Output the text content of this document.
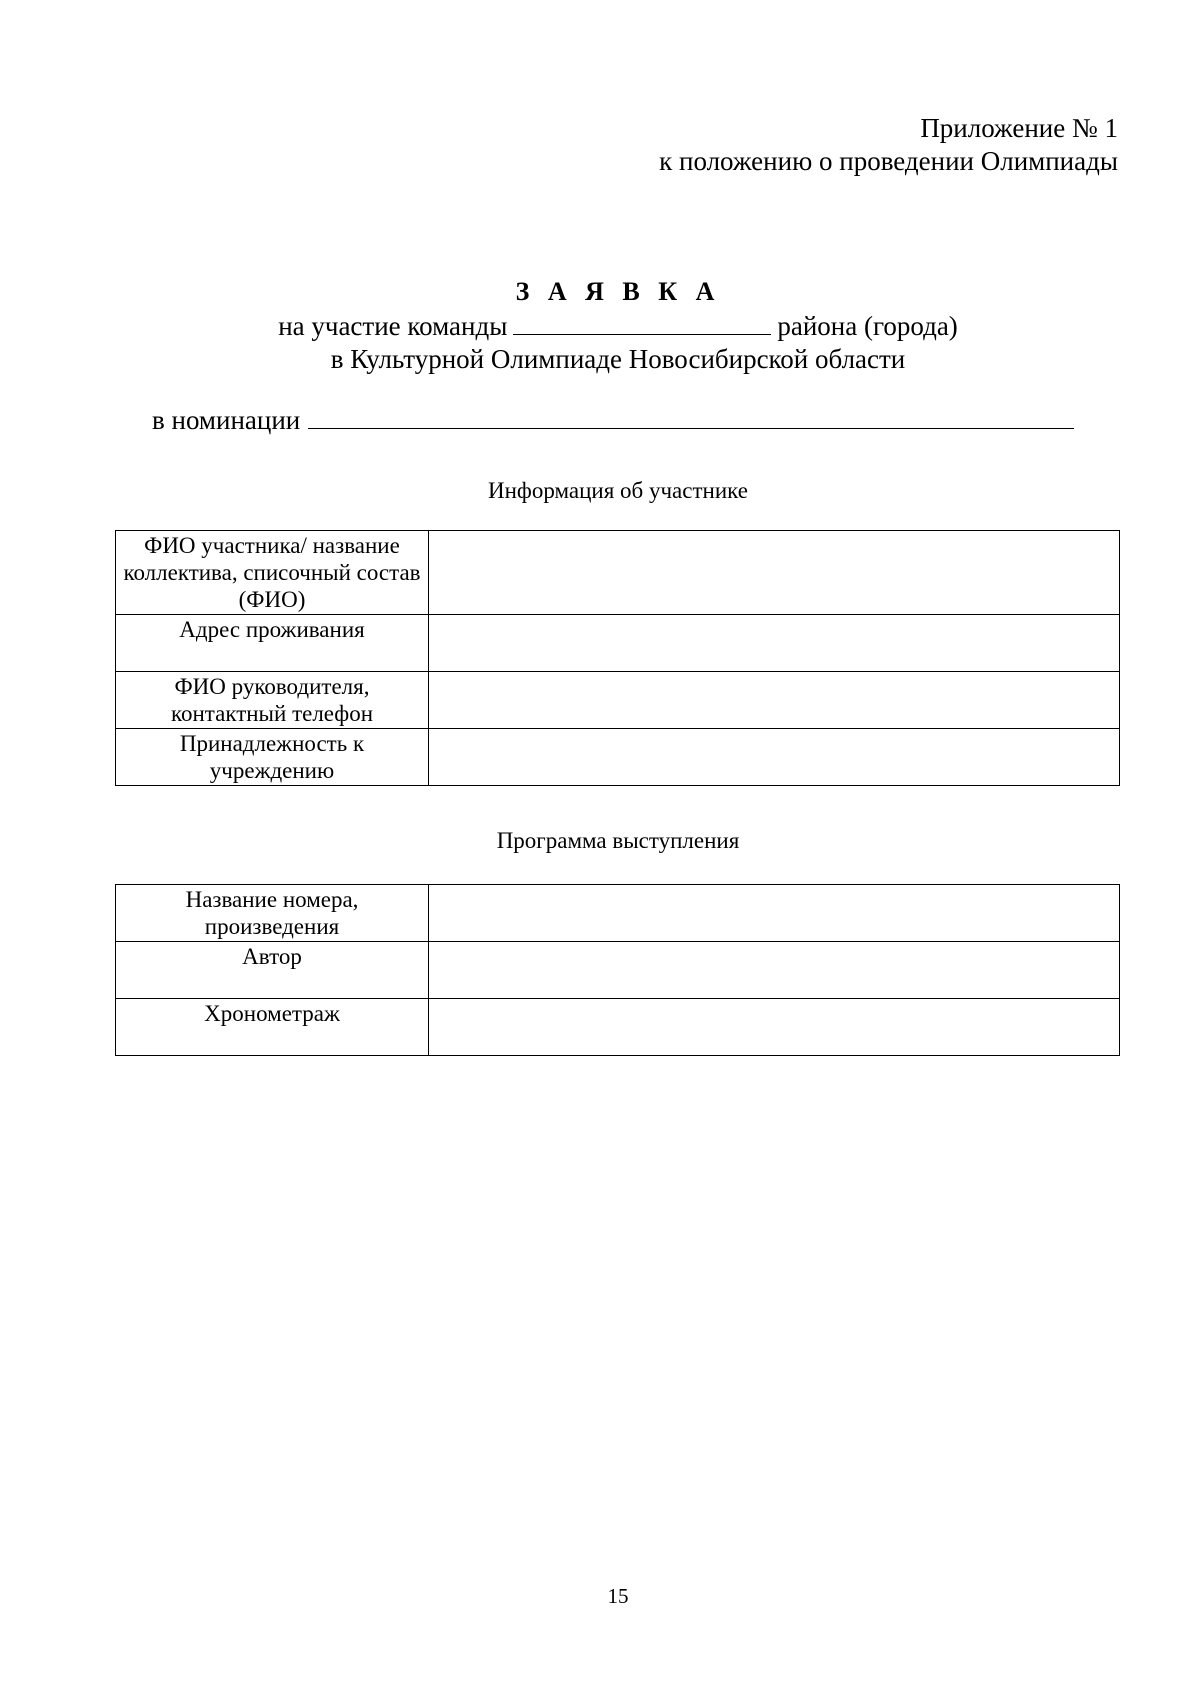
Приложение № 1
к положению о проведении Олимпиады
З А Я В К А
на участие команды	района (города)
в Культурной Олимпиаде Новосибирской области
в номинации
Информация об участнике
ФИО участника/ название коллектива, списочный состав (ФИО)	
Адрес проживания	
ФИО руководителя, контактный телефон	
Принадлежность к учреждению	
Программа выступления
Название номера, произведения	
Автор	
Хронометраж	
15
